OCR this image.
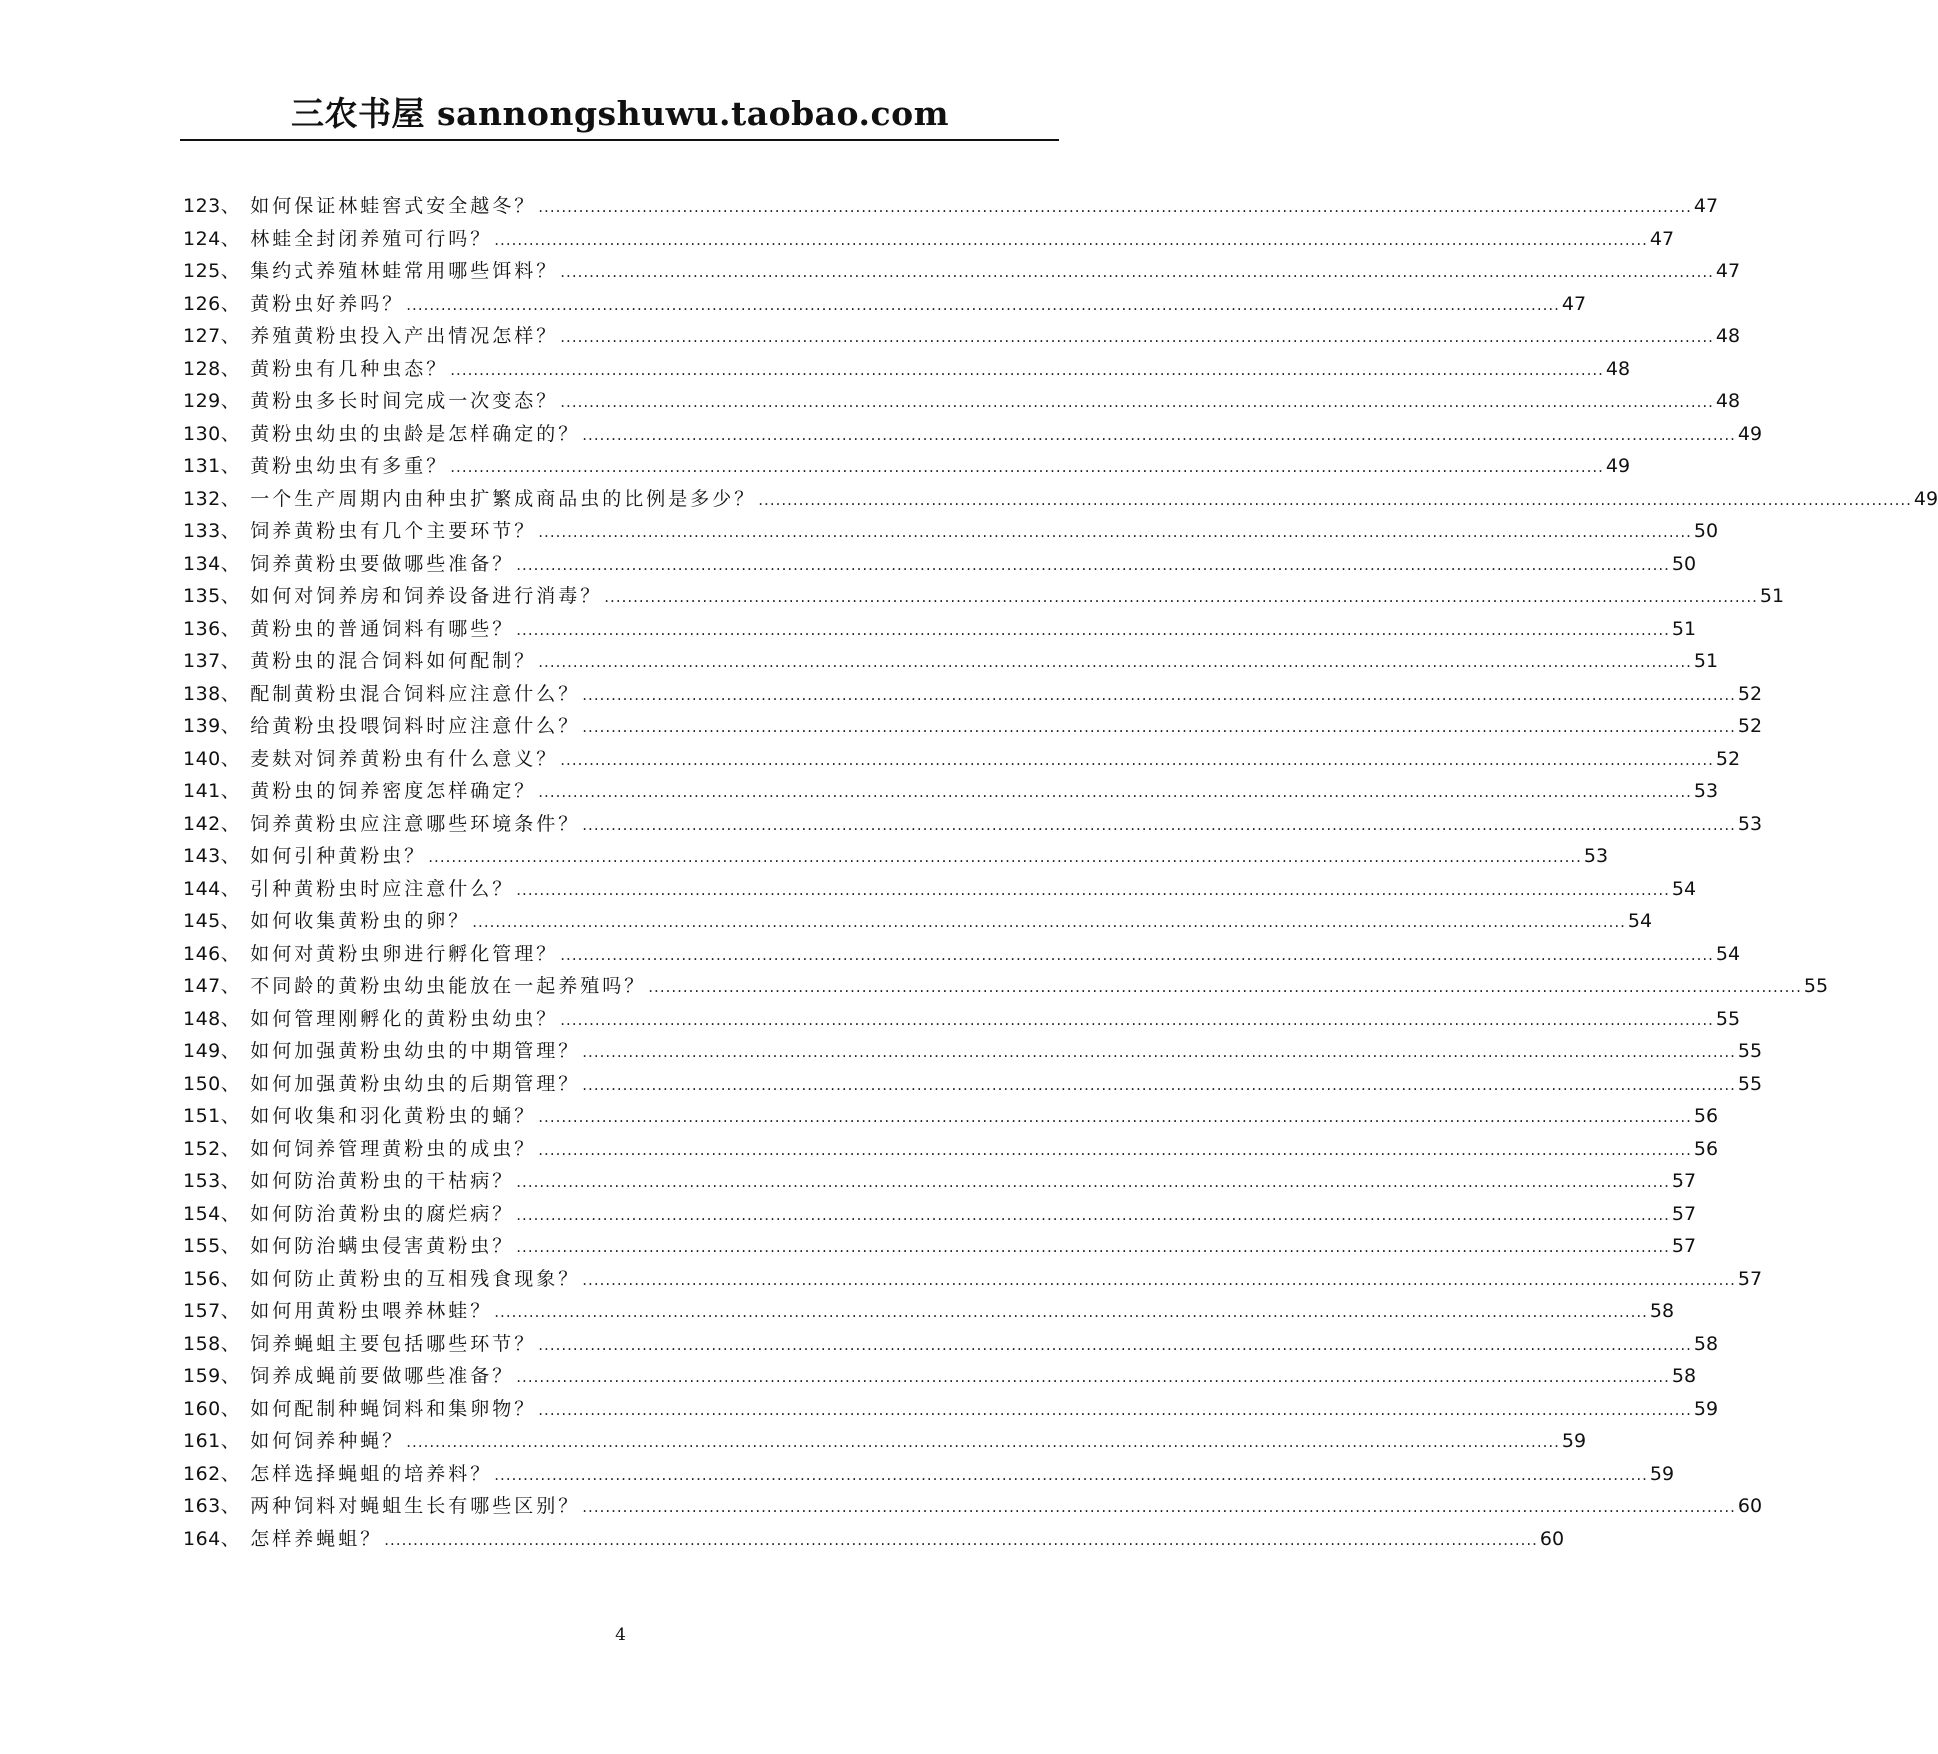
三农书屋 sannongshuwu.taobao.com
123、 如何保证林蛙窖式安全越冬？ ........................................................................................................................................................................................................ 47
124、 林蛙全封闭养殖可行吗？ ........................................................................................................................................................................................................ 47
125、 集约式养殖林蛙常用哪些饵料？ ........................................................................................................................................................................................................ 47
126、 黄粉虫好养吗？ ........................................................................................................................................................................................................ 47
127、 养殖黄粉虫投入产出情况怎样？ ........................................................................................................................................................................................................ 48
128、 黄粉虫有几种虫态？ ........................................................................................................................................................................................................ 48
129、 黄粉虫多长时间完成一次变态？ ........................................................................................................................................................................................................ 48
130、 黄粉虫幼虫的虫龄是怎样确定的？ ........................................................................................................................................................................................................ 49
131、 黄粉虫幼虫有多重？ ........................................................................................................................................................................................................ 49
132、 一个生产周期内由种虫扩繁成商品虫的比例是多少？ ........................................................................................................................................................................................................ 49
133、 饲养黄粉虫有几个主要环节？ ........................................................................................................................................................................................................ 50
134、 饲养黄粉虫要做哪些准备？ ........................................................................................................................................................................................................ 50
135、 如何对饲养房和饲养设备进行消毒？ ........................................................................................................................................................................................................ 51
136、 黄粉虫的普通饲料有哪些？ ........................................................................................................................................................................................................ 51
137、 黄粉虫的混合饲料如何配制？ ........................................................................................................................................................................................................ 51
138、 配制黄粉虫混合饲料应注意什么？ ........................................................................................................................................................................................................ 52
139、 给黄粉虫投喂饲料时应注意什么？ ........................................................................................................................................................................................................ 52
140、 麦麸对饲养黄粉虫有什么意义？ ........................................................................................................................................................................................................ 52
141、 黄粉虫的饲养密度怎样确定？ ........................................................................................................................................................................................................ 53
142、 饲养黄粉虫应注意哪些环境条件？ ........................................................................................................................................................................................................ 53
143、 如何引种黄粉虫？ ........................................................................................................................................................................................................ 53
144、 引种黄粉虫时应注意什么？ ........................................................................................................................................................................................................ 54
145、 如何收集黄粉虫的卵？ ........................................................................................................................................................................................................ 54
146、 如何对黄粉虫卵进行孵化管理？ ........................................................................................................................................................................................................ 54
147、 不同龄的黄粉虫幼虫能放在一起养殖吗？ ........................................................................................................................................................................................................ 55
148、 如何管理刚孵化的黄粉虫幼虫？ ........................................................................................................................................................................................................ 55
149、 如何加强黄粉虫幼虫的中期管理？ ........................................................................................................................................................................................................ 55
150、 如何加强黄粉虫幼虫的后期管理？ ........................................................................................................................................................................................................ 55
151、 如何收集和羽化黄粉虫的蛹？ ........................................................................................................................................................................................................ 56
152、 如何饲养管理黄粉虫的成虫？ ........................................................................................................................................................................................................ 56
153、 如何防治黄粉虫的干枯病？ ........................................................................................................................................................................................................ 57
154、 如何防治黄粉虫的腐烂病？ ........................................................................................................................................................................................................ 57
155、 如何防治螨虫侵害黄粉虫？ ........................................................................................................................................................................................................ 57
156、 如何防止黄粉虫的互相残食现象？ ........................................................................................................................................................................................................ 57
157、 如何用黄粉虫喂养林蛙？ ........................................................................................................................................................................................................ 58
158、 饲养蝇蛆主要包括哪些环节？ ........................................................................................................................................................................................................ 58
159、 饲养成蝇前要做哪些准备？ ........................................................................................................................................................................................................ 58
160、 如何配制种蝇饲料和集卵物？ ........................................................................................................................................................................................................ 59
161、 如何饲养种蝇？ ........................................................................................................................................................................................................ 59
162、 怎样选择蝇蛆的培养料？ ........................................................................................................................................................................................................ 59
163、 两种饲料对蝇蛆生长有哪些区别？ ........................................................................................................................................................................................................ 60
164、 怎样养蝇蛆？ ........................................................................................................................................................................................................ 60
4
